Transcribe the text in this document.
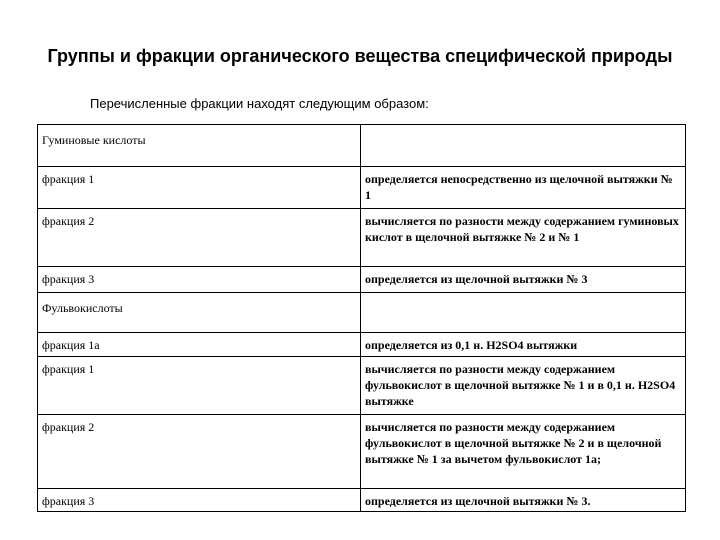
Группы и фракции органического вещества специфической природы
Перечисленные фракции находят следующим образом:
Гуминовые кислоты	
фракция 1	определяется непосредственно из щелочной вытяжки № 1
фракция 2	вычисляется по разности между содержанием гуминовых кислот в щелочной вытяжке № 2 и № 1
фракция 3	определяется из щелочной вытяжки № 3
Фульвокислоты	
фракция 1а	определяется из 0,1 н. H2SO4 вытяжки
фракция 1	вычисляется по разности между содержанием фульвокислот в щелочной вытяжке № 1 и в 0,1 н. H2SO4 вытяжке
фракция 2	вычисляется по разности между содержанием фульвокислот в щелочной вытяжке № 2 и в щелочной вытяжке № 1 за вычетом фульвокислот 1а;
фракция 3	определяется из щелочной вытяжки № 3.
